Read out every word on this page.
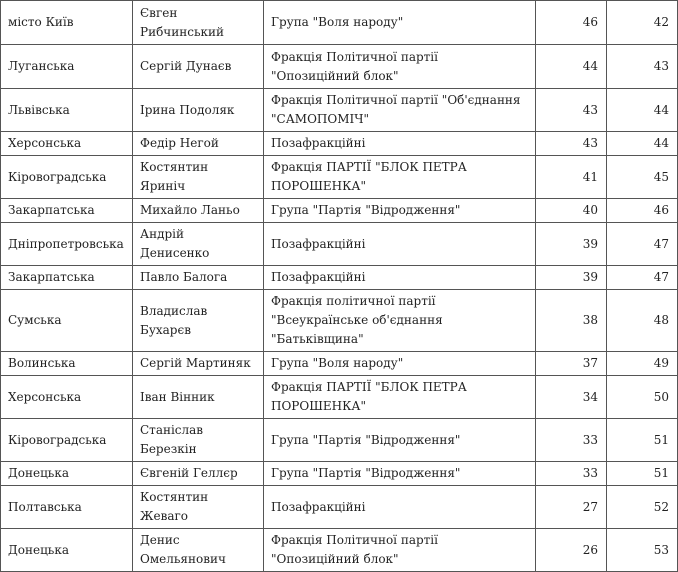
місто Київ	Євген Рибчинський	Група "Воля народу"	46	42
Луганська	Сергій Дунаєв	Фракція Політичної партії "Опозиційний блок"	44	43
Львівська	Ірина Подоляк	Фракція Політичної партії "Об'єднання "САМОПОМІЧ"	43	44
Херсонська	Федір Негой	Позафракційні	43	44
Кіровоградська	Костянтин Яриніч	Фракція ПАРТІЇ "БЛОК ПЕТРА ПОРОШЕНКА"	41	45
Закарпатська	Михайло Ланьо	Група "Партія "Відродження"	40	46
Дніпропетровська	Андрій Денисенко	Позафракційні	39	47
Закарпатська	Павло Балога	Позафракційні	39	47
Сумська	Владислав Бухарєв	Фракція політичної партії "Всеукраїнське об'єднання "Батьківщина"	38	48
Волинська	Сергій Мартиняк	Група "Воля народу"	37	49
Херсонська	Іван Вінник	Фракція ПАРТІЇ "БЛОК ПЕТРА ПОРОШЕНКА"	34	50
Кіровоградська	Станіслав Березкін	Група "Партія "Відродження"	33	51
Донецька	Євгеній Геллєр	Група "Партія "Відродження"	33	51
Полтавська	Костянтин Жеваго	Позафракційні	27	52
Донецька	Денис Омельянович	Фракція Політичної партії "Опозиційний блок"	26	53
